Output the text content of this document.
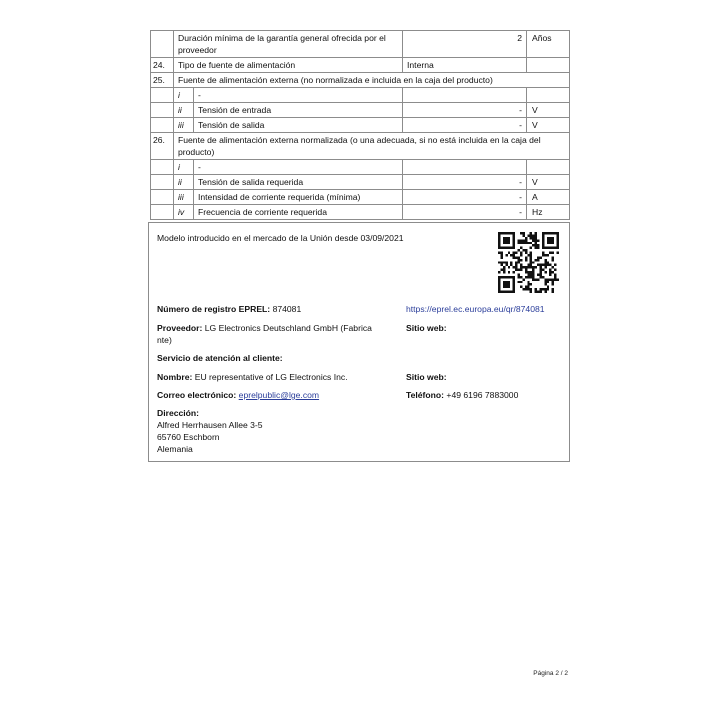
	Duración mínima de la garantía general ofrecida por el proveedor		2	Años
24.	Tipo de fuente de alimentación		Interna	
25.	Fuente de alimentación externa (no normalizada e incluida en la caja del producto)			
	i	-		
	ii	Tensión de entrada	-	V
	iii	Tensión de salida	-	V
26.	Fuente de alimentación externa normalizada (o una adecuada, si no está incluida en la caja del producto)			
	i	-		
	ii	Tensión de salida requerida	-	V
	iii	Intensidad de corriente requerida (mínima)	-	A
	iv	Frecuencia de corriente requerida	-	Hz
Modelo introducido en el mercado de la Unión desde 03/09/2021
Número de registro EPREL: 874081	https://eprel.ec.europa.eu/qr/874081
Proveedor: LG Electronics Deutschland GmbH (Fabrica
nte)
Sitio web:
Servicio de atención al cliente:
Nombre: EU representative of LG Electronics Inc.	Sitio web:
Correo electrónico: eprelpublic@lge.com	Teléfono: +49 6196 7883000
Dirección:
Alfred Herrhausen Allee 3-5
65760 Eschborn
Alemania
Página 2 / 2
